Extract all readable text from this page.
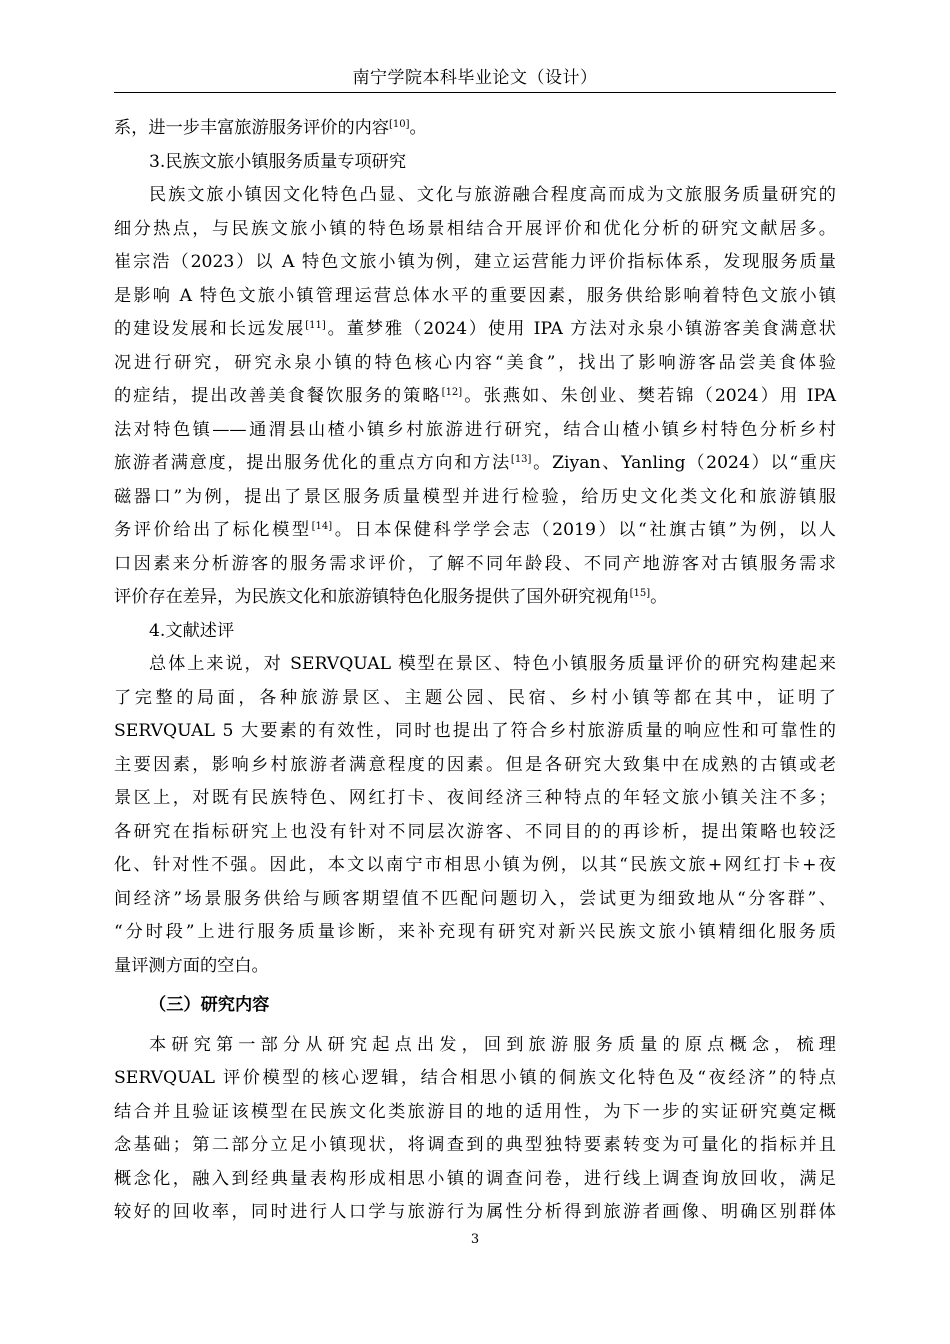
南宁学院本科毕业论文（设计）
系，进一步丰富旅游服务评价的内容[10]。
3.民族文旅小镇服务质量专项研究
民族文旅小镇因文化特色凸显、文化与旅游融合程度高而成为文旅服务质量研究的
细分热点，与民族文旅小镇的特色场景相结合开展评价和优化分析的研究文献居多。
崔宗浩（2023）以 A 特色文旅小镇为例，建立运营能力评价指标体系，发现服务质量
是影响 A 特色文旅小镇管理运营总体水平的重要因素，服务供给影响着特色文旅小镇
的建设发展和长远发展[11]。董梦雅（2024）使用 IPA 方法对永泉小镇游客美食满意状
况进行研究，研究永泉小镇的特色核心内容“美食”，找出了影响游客品尝美食体验
的症结，提出改善美食餐饮服务的策略[12]。张燕如、朱创业、樊若锦（2024）用 IPA
法对特色镇——通渭县山楂小镇乡村旅游进行研究，结合山楂小镇乡村特色分析乡村
旅游者满意度，提出服务优化的重点方向和方法[13]。Ziyan、Yanling（2024）以“重庆
磁器口”为例，提出了景区服务质量模型并进行检验，给历史文化类文化和旅游镇服
务评价给出了标化模型[14]。日本保健科学学会志（2019）以“社旗古镇”为例，以人
口因素来分析游客的服务需求评价，了解不同年龄段、不同产地游客对古镇服务需求
评价存在差异，为民族文化和旅游镇特色化服务提供了国外研究视角[15]。
4.文献述评
总体上来说，对 SERVQUAL 模型在景区、特色小镇服务质量评价的研究构建起来
了完整的局面，各种旅游景区、主题公园、民宿、乡村小镇等都在其中，证明了
SERVQUAL 5 大要素的有效性，同时也提出了符合乡村旅游质量的响应性和可靠性的
主要因素，影响乡村旅游者满意程度的因素。但是各研究大致集中在成熟的古镇或老
景区上，对既有民族特色、网红打卡、夜间经济三种特点的年轻文旅小镇关注不多；
各研究在指标研究上也没有针对不同层次游客、不同目的的再诊析，提出策略也较泛
化、针对性不强。因此，本文以南宁市相思小镇为例，以其“民族文旅+网红打卡+夜
间经济”场景服务供给与顾客期望值不匹配问题切入，尝试更为细致地从“分客群”、
“分时段”上进行服务质量诊断，来补充现有研究对新兴民族文旅小镇精细化服务质
量评测方面的空白。
（三）研究内容
本研究第一部分从研究起点出发，回到旅游服务质量的原点概念，梳理
SERVQUAL 评价模型的核心逻辑，结合相思小镇的侗族文化特色及“夜经济”的特点
结合并且验证该模型在民族文化类旅游目的地的适用性，为下一步的实证研究奠定概
念基础；第二部分立足小镇现状，将调查到的典型独特要素转变为可量化的指标并且
概念化，融入到经典量表构形成相思小镇的调查问卷，进行线上调查询放回收，满足
较好的回收率，同时进行人口学与旅游行为属性分析得到旅游者画像、明确区别群体
3
